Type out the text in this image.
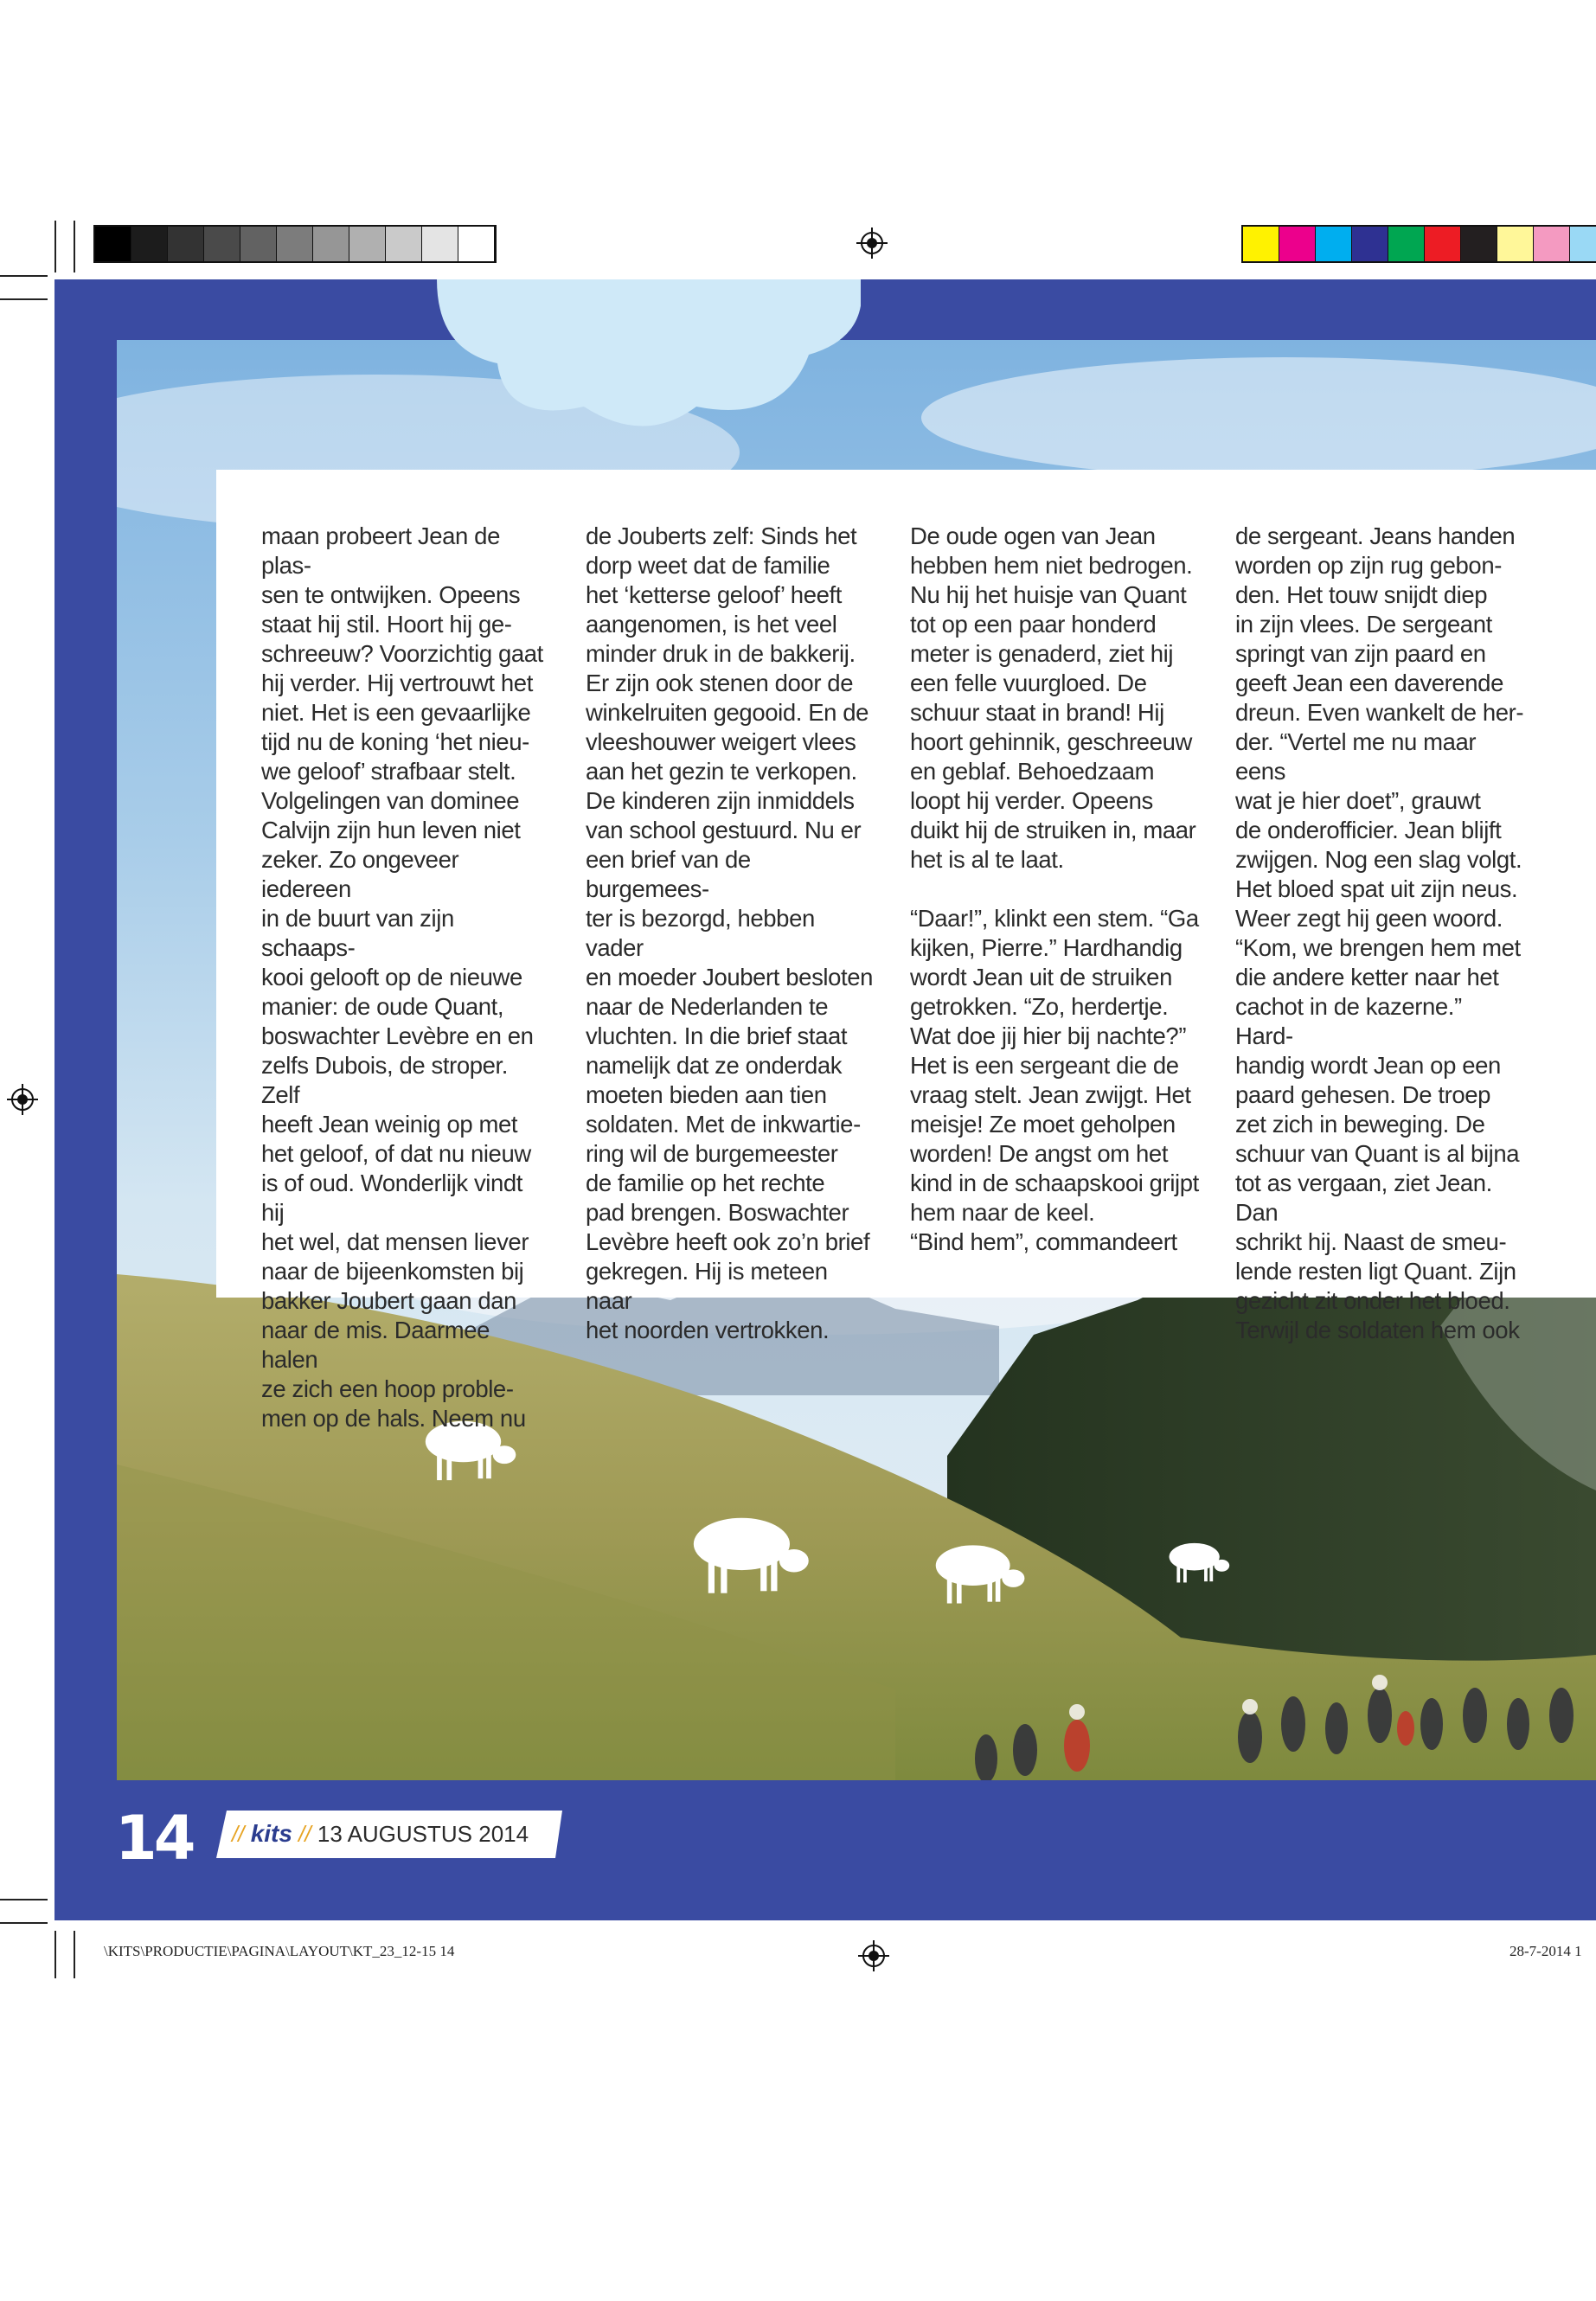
maan probeert Jean de plas-
sen te ontwijken. Opeens
staat hij stil. Hoort hij ge-
schreeuw? Voorzichtig gaat
hij verder. Hij vertrouwt het
niet. Het is een gevaarlijke
tijd nu de koning ‘het nieu-
we geloof’ strafbaar stelt.
Volgelingen van dominee
Calvijn zijn hun leven niet
zeker. Zo ongeveer iedereen
in de buurt van zijn schaaps-
kooi gelooft op de nieuwe
manier: de oude Quant,
boswachter Levèbre en en
zelfs Dubois, de stroper. Zelf
heeft Jean weinig op met
het geloof, of dat nu nieuw
is of oud. Wonderlijk vindt hij
het wel, dat mensen liever
naar de bijeenkomsten bij
bakker Joubert gaan dan
naar de mis. Daarmee halen
ze zich een hoop proble-
men op de hals. Neem nu

de Jouberts zelf: Sinds het
dorp weet dat de familie
het ‘ketterse geloof’ heeft
aangenomen, is het veel
minder druk in de bakkerij.
Er zijn ook stenen door de
winkelruiten gegooid. En de
vleeshouwer weigert vlees
aan het gezin te verkopen.
De kinderen zijn inmiddels
van school gestuurd. Nu er
een brief van de burgemees-
ter is bezorgd, hebben vader
en moeder Joubert besloten
naar de Nederlanden te
vluchten. In die brief staat
namelijk dat ze onderdak
moeten bieden aan tien
soldaten. Met de inkwartie-
ring wil de burgemeester
de familie op het rechte
pad brengen. Boswachter
Levèbre heeft ook zo’n brief
gekregen. Hij is meteen naar
het noorden vertrokken.

De oude ogen van Jean
hebben hem niet bedrogen.
Nu hij het huisje van Quant
tot op een paar honderd
meter is genaderd, ziet hij
een felle vuurgloed. De
schuur staat in brand! Hij
hoort gehinnik, geschreeuw
en geblaf. Behoedzaam
loopt hij verder. Opeens
duikt hij de struiken in, maar
het is al te laat.

“Daar!”, klinkt een stem. “Ga
kijken, Pierre.” Hardhandig
wordt Jean uit de struiken
getrokken. “Zo, herdertje.
Wat doe jij hier bij nachte?”
Het is een sergeant die de
vraag stelt. Jean zwijgt. Het
meisje! Ze moet geholpen
worden! De angst om het
kind in de schaapskooi grijpt
hem naar de keel.
“Bind hem”, commandeert

de sergeant. Jeans handen
worden op zijn rug gebon-
den. Het touw snijdt diep
in zijn vlees. De sergeant
springt van zijn paard en
geeft Jean een daverende
dreun. Even wankelt de her-
der. “Vertel me nu maar eens
wat je hier doet”, grauwt
de onderofficier. Jean blijft
zwijgen. Nog een slag volgt.
Het bloed spat uit zijn neus.
Weer zegt hij geen woord.
“Kom, we brengen hem met
die andere ketter naar het
cachot in de kazerne.” Hard-
handig wordt Jean op een
paard gehesen. De troep
zet zich in beweging. De
schuur van Quant is al bijna
tot as vergaan, ziet Jean. Dan
schrikt hij. Naast de smeu-
lende resten ligt Quant. Zijn
gezicht zit onder het bloed.
Terwijl de soldaten hem ook

14 // kits // 13 AUGUSTUS 2014
\KITS\PRODUCTIE\PAGINA\LAYOUT\KT_23_12-15 14	28-7-2014 1
